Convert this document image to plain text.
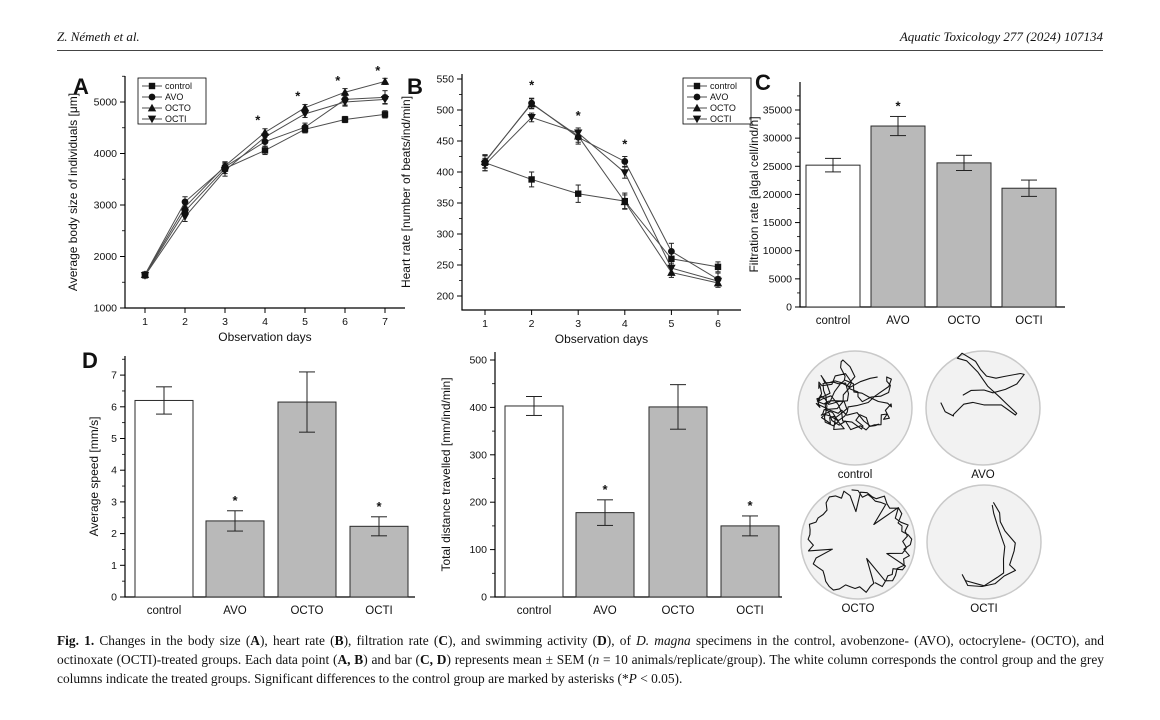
Z. Németh et al.	Aquatic Toxicology 277 (2024) 107134
1000
2000
3000
4000
5000
1	2	3	4	5	6	7
Observation days
Average body size of individuals [μm]	*
*
*
*
control
AVO
OCTO
OCTI
A
200
250
300
350
400
450
500
550
1	2	3	4	5	6
Observation days
Heart rate [number of beats/ind/min]
*
*
*
control
AVO
OCTO
OCTI
B
0
5000
10000
15000
20000
25000
30000
35000
Filtration rate [algal cell/ind/h]
control	AVO	OCTO	OCTI
*
C
0
1
2
3
4
5
6
7
Average speed [mm/s]
control	AVO	OCTO	OCTI
*	*
D
0
100
200
300
400
500
Total distance travelled [mm/ind/min]
control	AVO	OCTO	OCTI
*
*
control	AVO
OCTO	OCTI
Fig. 1. Changes in the body size (A), heart rate (B), filtration rate (C), and swimming activity (D), of D. magna specimens in the control, avobenzone- (AVO), octocrylene- (OCTO), and octinoxate (OCTI)-treated groups. Each data point (A, B) and bar (C, D) represents mean ± SEM (n = 10 animals/replicate/group). The white column corresponds the control group and the grey columns indicate the treated groups. Significant differences to the control group are marked by asterisks (*P < 0.05).
